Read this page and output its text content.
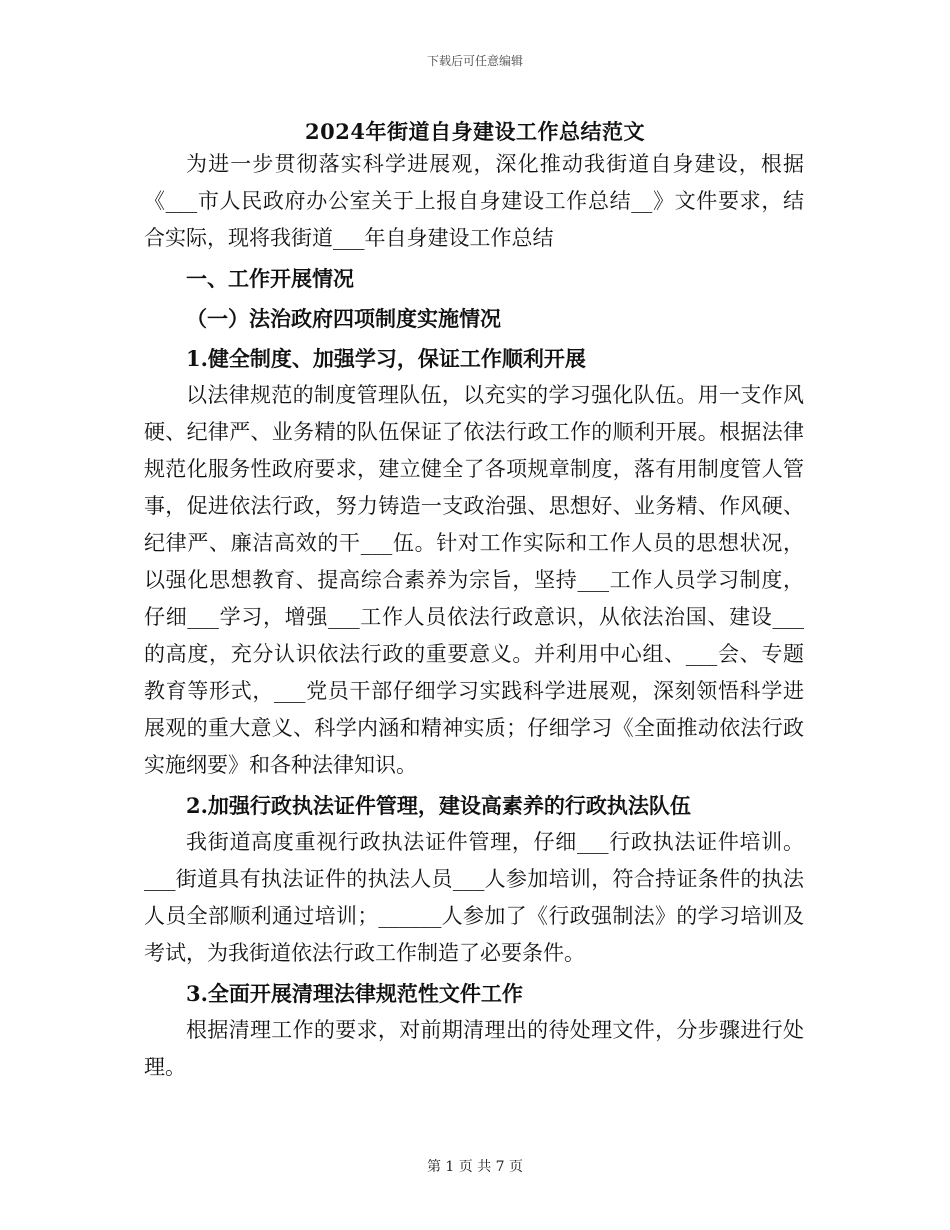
下载后可任意编辑
2024年街道自身建设工作总结范文

为进一步贯彻落实科学进展观，深化推动我街道自身建设，根据《___市人民政府办公室关于上报自身建设工作总结__》文件要求，结合实际，现将我街道___年自身建设工作总结

一、工作开展情况

（一）法治政府四项制度实施情况

1.健全制度、加强学习，保证工作顺利开展

以法律规范的制度管理队伍，以充实的学习强化队伍。用一支作风硬、纪律严、业务精的队伍保证了依法行政工作的顺利开展。根据法律规范化服务性政府要求，建立健全了各项规章制度，落有用制度管人管事，促进依法行政，努力铸造一支政治强、思想好、业务精、作风硬、纪律严、廉洁高效的干___伍。针对工作实际和工作人员的思想状况，以强化思想教育、提高综合素养为宗旨，坚持___工作人员学习制度，仔细___学习，增强___工作人员依法行政意识，从依法治国、建设___的高度，充分认识依法行政的重要意义。并利用中心组、___会、专题教育等形式，___党员干部仔细学习实践科学进展观，深刻领悟科学进展观的重大意义、科学内涵和精神实质；仔细学习《全面推动依法行政实施纲要》和各种法律知识。

2.加强行政执法证件管理，建设高素养的行政执法队伍

我街道高度重视行政执法证件管理，仔细___行政执法证件培训。___街道具有执法证件的执法人员___人参加培训，符合持证条件的执法人员全部顺利通过培训；______人参加了《行政强制法》的学习培训及考试，为我街道依法行政工作制造了必要条件。

3.全面开展清理法律规范性文件工作

根据清理工作的要求，对前期清理出的待处理文件，分步骤进行处理。

第 1 页 共 7 页
